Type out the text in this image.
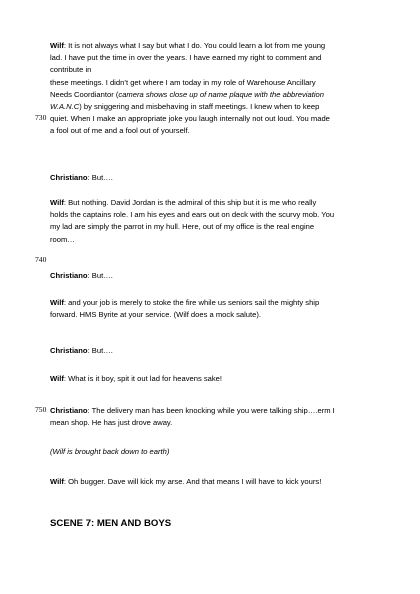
Wilf: It is not always what I say but what I do. You could learn a lot from me young
lad. I have put the time in over the years. I have earned my right to comment and
contribute in
these meetings. I didn’t get where I am today in my role of Warehouse Ancillary
Needs Coordiantor (camera shows close up of name plaque with the abbreviation
W.A.N.C) by sniggering and misbehaving in staff meetings. I knew when to keep
quiet. When I make an appropriate joke you laugh internally not out loud. You made
a fool out of me and a fool out of yourself.
730
Christiano: But….
Wilf: But nothing. David Jordan is the admiral of this ship but it is me who really
holds the captains role. I am his eyes and ears out on deck with the scurvy mob. You
my lad are simply the parrot in my hull. Here, out of my office is the real engine
room…
740
Christiano: But….
Wilf: and your job is merely to stoke the fire while us seniors sail the mighty ship
forward. HMS Byrite at your service. (Wilf does a mock salute).
Christiano: But….
Wilf: What is it boy, spit it out lad for heavens sake!
Christiano: The delivery man has been knocking while you were talking ship….erm I
mean shop. He has just drove away.
750
(Wilf is brought back down to earth)
Wilf: Oh bugger. Dave will kick my arse. And that means I will have to kick yours!
SCENE 7: MEN AND BOYS
